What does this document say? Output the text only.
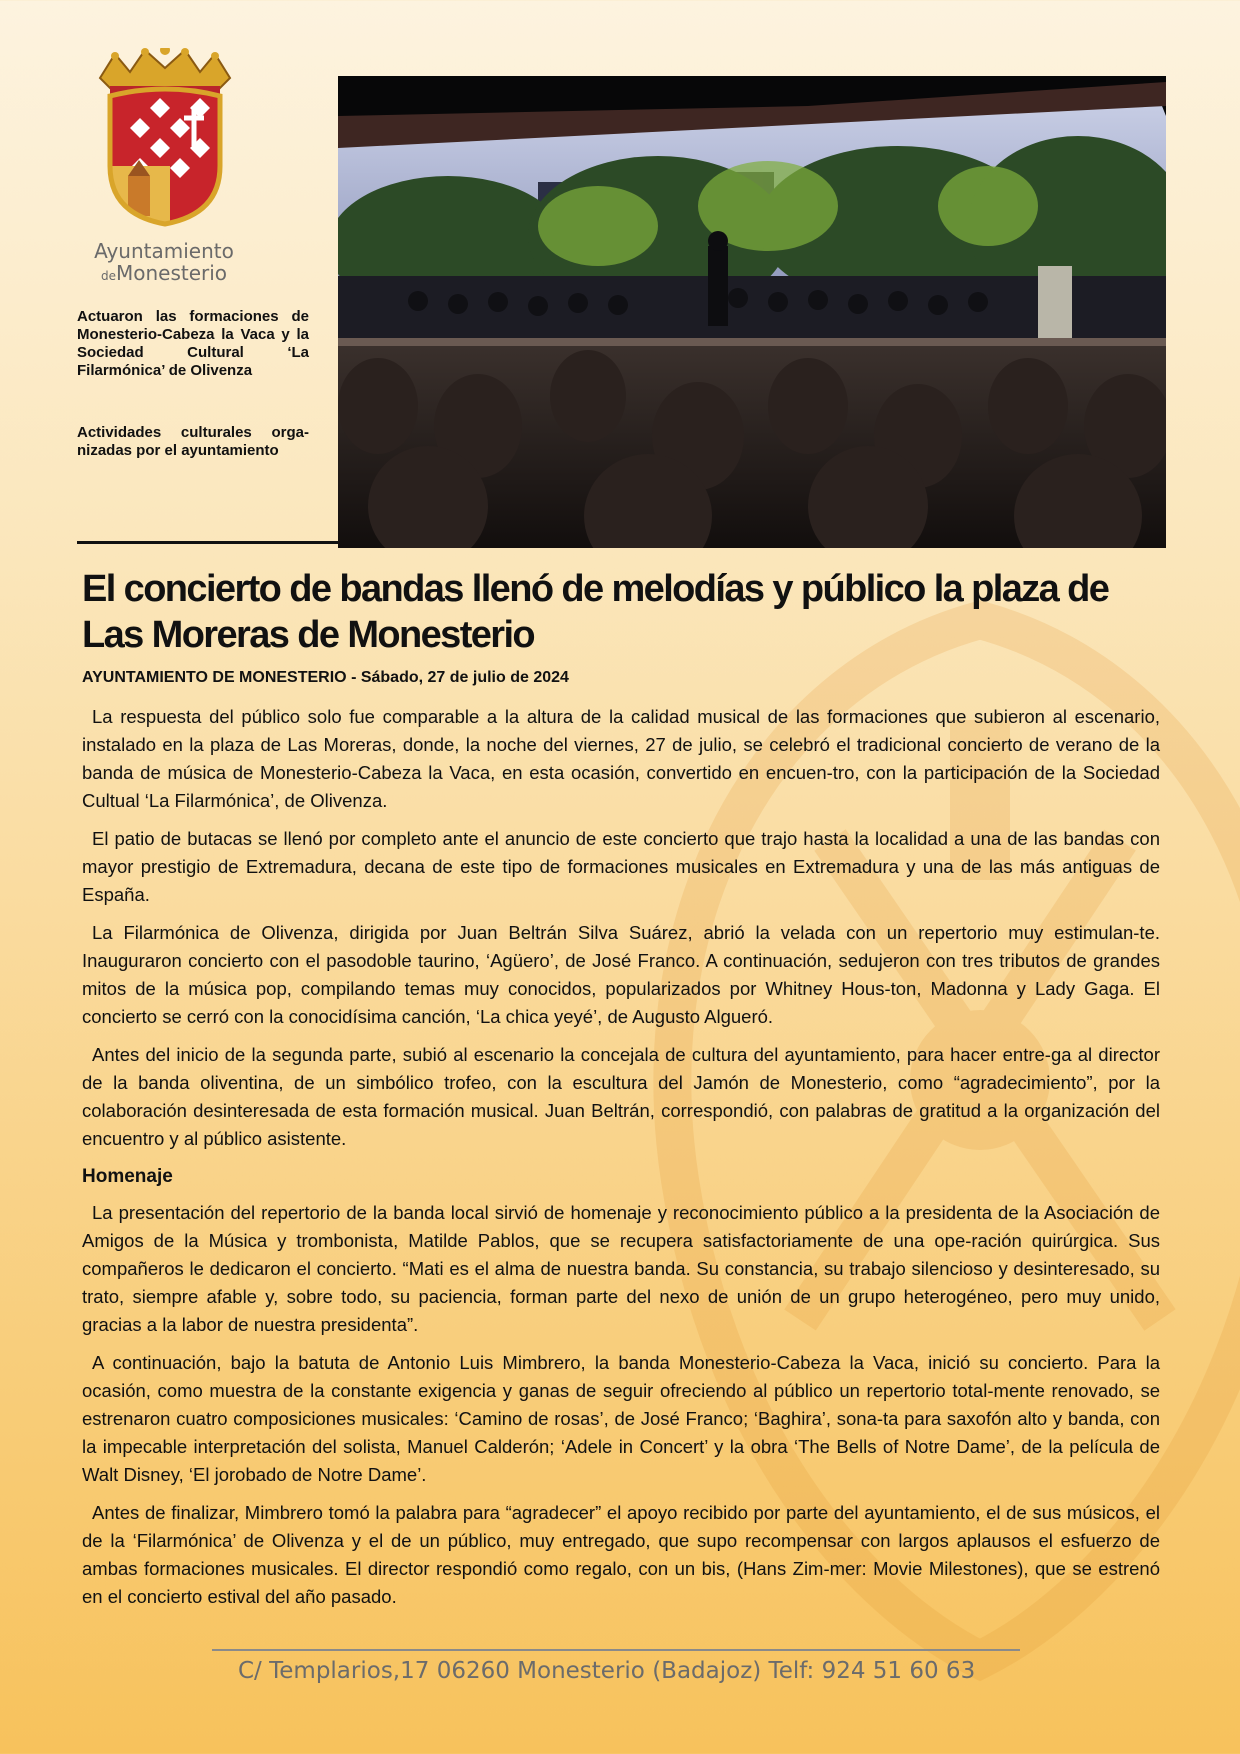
Ayuntamiento
deMonesterio
Actuaron las formaciones de Monesterio-Cabeza la Vaca y la Sociedad Cultural ‘La Filarmónica’ de Olivenza
Actividades culturales orga-nizadas por el ayuntamiento
El concierto de bandas llenó de melodías y público la plaza de Las Moreras de Monesterio

AYUNTAMIENTO DE MONESTERIO - Sábado, 27 de julio de 2024

La respuesta del público solo fue comparable a la altura de la calidad musical de las formaciones que subieron al escenario, instalado en la plaza de Las Moreras, donde, la noche del viernes, 27 de julio, se celebró el tradicional concierto de verano de la banda de música de Monesterio-Cabeza la Vaca, en esta ocasión, convertido en encuen-tro, con la participación de la Sociedad Cultual ‘La Filarmónica’, de Olivenza.

El patio de butacas se llenó por completo ante el anuncio de este concierto que trajo hasta la localidad a una de las bandas con mayor prestigio de Extremadura, decana de este tipo de formaciones musicales en Extremadura y una de las más antiguas de España.

La Filarmónica de Olivenza, dirigida por Juan Beltrán Silva Suárez, abrió la velada con un repertorio muy estimulan-te. Inauguraron concierto con el pasodoble taurino, ‘Agüero’, de José Franco. A continuación, sedujeron con tres tributos de grandes mitos de la música pop, compilando temas muy conocidos, popularizados por Whitney Hous-ton, Madonna y Lady Gaga. El concierto se cerró con la conocidísima canción, ‘La chica yeyé’, de Augusto Algueró.

Antes del inicio de la segunda parte, subió al escenario la concejala de cultura del ayuntamiento, para hacer entre-ga al director de la banda oliventina, de un simbólico trofeo, con la escultura del Jamón de Monesterio, como “agradecimiento”, por la colaboración desinteresada de esta formación musical. Juan Beltrán, correspondió, con palabras de gratitud a la organización del encuentro y al público asistente.

Homenaje

La presentación del repertorio de la banda local sirvió de homenaje y reconocimiento público a la presidenta de la Asociación de Amigos de la Música y trombonista, Matilde Pablos, que se recupera satisfactoriamente de una ope-ración quirúrgica. Sus compañeros le dedicaron el concierto. “Mati es el alma de nuestra banda. Su constancia, su trabajo silencioso y desinteresado, su trato, siempre afable y, sobre todo, su paciencia, forman parte del nexo de unión de un grupo heterogéneo, pero muy unido, gracias a la labor de nuestra presidenta”.

A continuación, bajo la batuta de Antonio Luis Mimbrero, la banda Monesterio-Cabeza la Vaca, inició su concierto. Para la ocasión, como muestra de la constante exigencia y ganas de seguir ofreciendo al público un repertorio total-mente renovado, se estrenaron cuatro composiciones musicales: ‘Camino de rosas’, de José Franco; ‘Baghira’, sona-ta para saxofón alto y banda, con la impecable interpretación del solista, Manuel Calderón; ‘Adele in Concert’ y la obra ‘The Bells of Notre Dame’, de la película de Walt Disney, ‘El jorobado de Notre Dame’.

Antes de finalizar, Mimbrero tomó la palabra para “agradecer” el apoyo recibido por parte del ayuntamiento, el de sus músicos, el de la ‘Filarmónica’ de Olivenza y el de un público, muy entregado, que supo recompensar con largos aplausos el esfuerzo de ambas formaciones musicales. El director respondió como regalo, con un bis, (Hans Zim-mer: Movie Milestones), que se estrenó en el concierto estival del año pasado.

C/ Templarios,17 06260 Monesterio (Badajoz) Telf: 924 51 60 63
